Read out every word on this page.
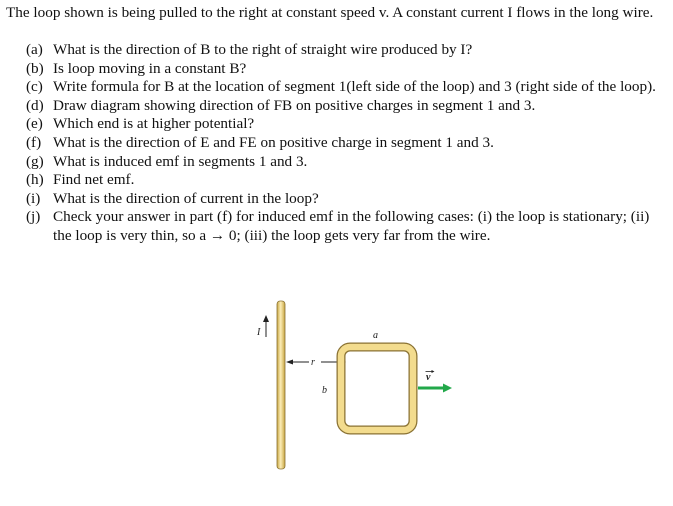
The loop shown is being pulled to the right at constant speed v. A constant current I flows in the long wire.
(a) What is the direction of B to the right of straight wire produced by I?
(b) Is loop moving in a constant B?
(c) Write formula for B at the location of segment 1(left side of the loop) and 3 (right side of the loop).
(d) Draw diagram showing direction of FB on positive charges in segment 1 and 3.
(e) Which end is at higher potential?
(f) What is the direction of E and FE on positive charge in segment 1 and 3.
(g) What is induced emf in segments 1 and 3.
(h) Find net emf.
(i) What is the direction of current in the loop?
(j) Check your answer in part (f) for induced emf in the following cases: (i) the loop is stationary; (ii) the loop is very thin, so a → 0; (iii) the loop gets very far from the wire.
I
r
a
b
v
